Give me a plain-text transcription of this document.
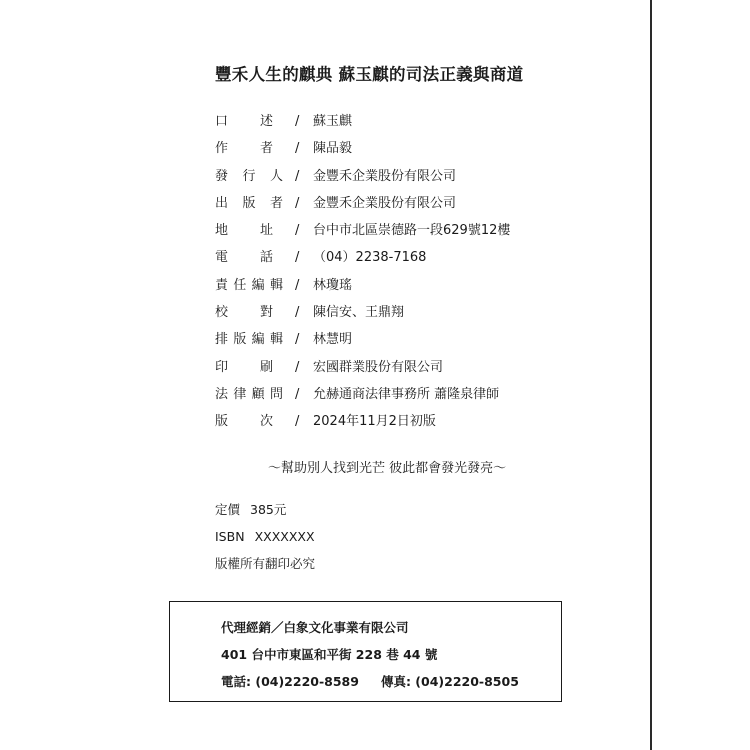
豐禾人生的麒典 蘇玉麒的司法正義與商道
口述 / 蘇玉麒
作者 / 陳品毅
發行人 / 金豐禾企業股份有限公司
出版者 / 金豐禾企業股份有限公司
地址 / 台中市北區崇德路一段629號12樓
電話 / （04）2238-7168
責任編輯 / 林瓊瑤
校對 / 陳信安、王鼎翔
排版編輯 / 林慧明
印刷 / 宏國群業股份有限公司
法律顧問 / 允赫通商法律事務所 蕭隆泉律師
版次 / 2024年11月2日初版
～幫助別人找到光芒 彼此都會發光發亮～
定價 385元
ISBN XXXXXXX
版權所有翻印必究
代理經銷／白象文化事業有限公司
401 台中市東區和平街 228 巷 44 號
電話: (04)2220-8589 傳真: (04)2220-8505
